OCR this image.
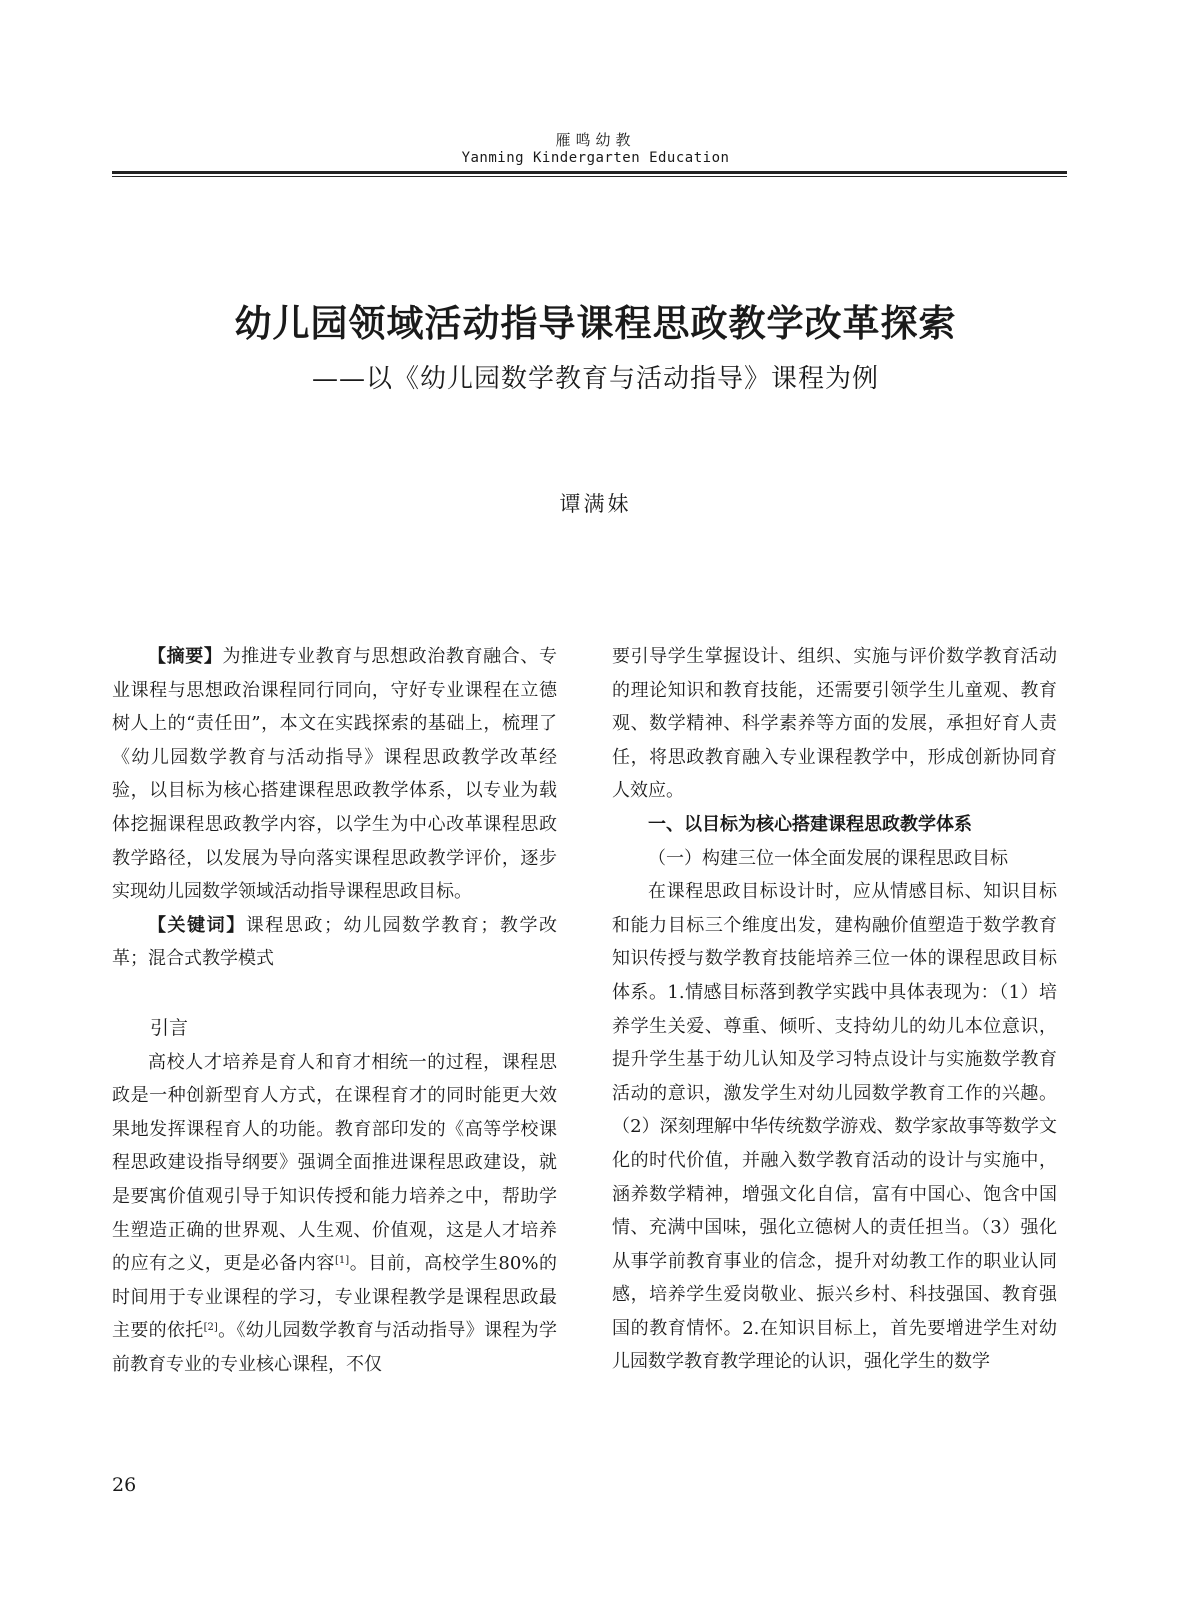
雁鸣幼教
Yanming Kindergarten Education
幼儿园领域活动指导课程思政教学改革探索
——以《幼儿园数学教育与活动指导》课程为例
谭满妹

【摘要】为推进专业教育与思想政治教育融合、专业课程与思想政治课程同行同向，守好专业课程在立德树人上的“责任田”，本文在实践探索的基础上，梳理了《幼儿园数学教育与活动指导》课程思政教学改革经验，以目标为核心搭建课程思政教学体系，以专业为载体挖掘课程思政教学内容，以学生为中心改革课程思政教学路径，以发展为导向落实课程思政教学评价，逐步实现幼儿园数学领域活动指导课程思政目标。

【关键词】课程思政；幼儿园数学教育；教学改革；混合式教学模式

引言

高校人才培养是育人和育才相统一的过程，课程思政是一种创新型育人方式，在课程育才的同时能更大效果地发挥课程育人的功能。教育部印发的《高等学校课程思政建设指导纲要》强调全面推进课程思政建设，就是要寓价值观引导于知识传授和能力培养之中，帮助学生塑造正确的世界观、人生观、价值观，这是人才培养的应有之义，更是必备内容[1]。目前，高校学生80%的时间用于专业课程的学习，专业课程教学是课程思政最主要的依托[2]。《幼儿园数学教育与活动指导》课程为学前教育专业的专业核心课程，不仅

要引导学生掌握设计、组织、实施与评价数学教育活动的理论知识和教育技能，还需要引领学生儿童观、教育观、数学精神、科学素养等方面的发展，承担好育人责任，将思政教育融入专业课程教学中，形成创新协同育人效应。

一、以目标为核心搭建课程思政教学体系

（一）构建三位一体全面发展的课程思政目标

在课程思政目标设计时，应从情感目标、知识目标和能力目标三个维度出发，建构融价值塑造于数学教育知识传授与数学教育技能培养三位一体的课程思政目标体系。1.情感目标落到教学实践中具体表现为：（1）培养学生关爱、尊重、倾听、支持幼儿的幼儿本位意识，提升学生基于幼儿认知及学习特点设计与实施数学教育活动的意识，激发学生对幼儿园数学教育工作的兴趣。（2）深刻理解中华传统数学游戏、数学家故事等数学文化的时代价值，并融入数学教育活动的设计与实施中，涵养数学精神，增强文化自信，富有中国心、饱含中国情、充满中国味，强化立德树人的责任担当。（3）强化从事学前教育事业的信念，提升对幼教工作的职业认同感，培养学生爱岗敬业、振兴乡村、科技强国、教育强国的教育情怀。2.在知识目标上，首先要增进学生对幼儿园数学教育教学理论的认识，强化学生的数学

26
